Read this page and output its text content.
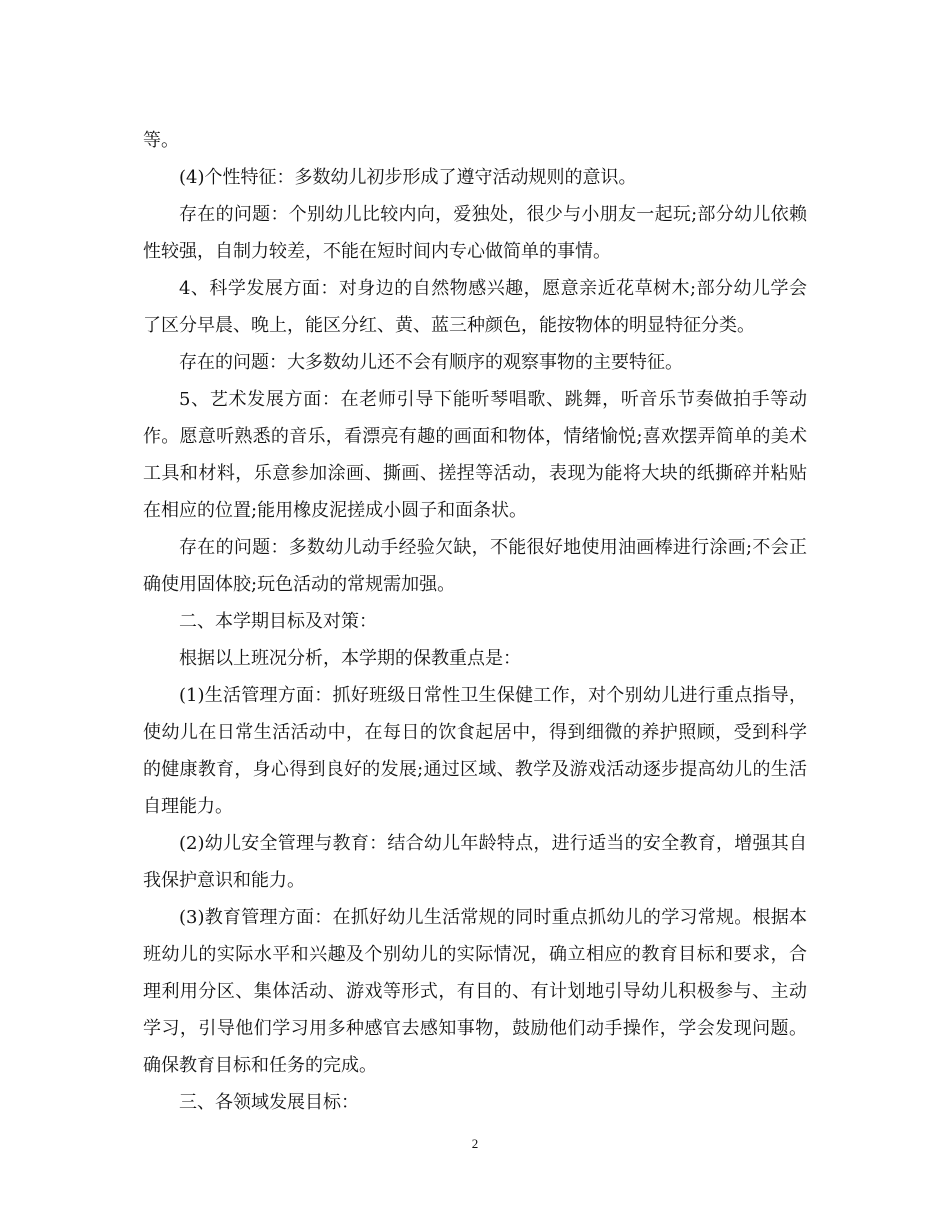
等。

(4)个性特征：多数幼儿初步形成了遵守活动规则的意识。

存在的问题：个别幼儿比较内向，爱独处，很少与小朋友一起玩;部分幼儿依赖性较强，自制力较差，不能在短时间内专心做简单的事情。

4、科学发展方面：对身边的自然物感兴趣，愿意亲近花草树木;部分幼儿学会了区分早晨、晚上，能区分红、黄、蓝三种颜色，能按物体的明显特征分类。

存在的问题：大多数幼儿还不会有顺序的观察事物的主要特征。

5、艺术发展方面：在老师引导下能听琴唱歌、跳舞，听音乐节奏做拍手等动作。愿意听熟悉的音乐，看漂亮有趣的画面和物体，情绪愉悦;喜欢摆弄简单的美术工具和材料，乐意参加涂画、撕画、搓捏等活动，表现为能将大块的纸撕碎并粘贴在相应的位置;能用橡皮泥搓成小圆子和面条状。

存在的问题：多数幼儿动手经验欠缺，不能很好地使用油画棒进行涂画;不会正确使用固体胶;玩色活动的常规需加强。

二、本学期目标及对策：

根据以上班况分析，本学期的保教重点是：

(1)生活管理方面：抓好班级日常性卫生保健工作，对个别幼儿进行重点指导，使幼儿在日常生活活动中，在每日的饮食起居中，得到细微的养护照顾，受到科学的健康教育，身心得到良好的发展;通过区域、教学及游戏活动逐步提高幼儿的生活自理能力。

(2)幼儿安全管理与教育：结合幼儿年龄特点，进行适当的安全教育，增强其自我保护意识和能力。

(3)教育管理方面：在抓好幼儿生活常规的同时重点抓幼儿的学习常规。根据本班幼儿的实际水平和兴趣及个别幼儿的实际情况，确立相应的教育目标和要求，合理利用分区、集体活动、游戏等形式，有目的、有计划地引导幼儿积极参与、主动学习，引导他们学习用多种感官去感知事物，鼓励他们动手操作，学会发现问题。确保教育目标和任务的完成。

三、各领域发展目标：

2
